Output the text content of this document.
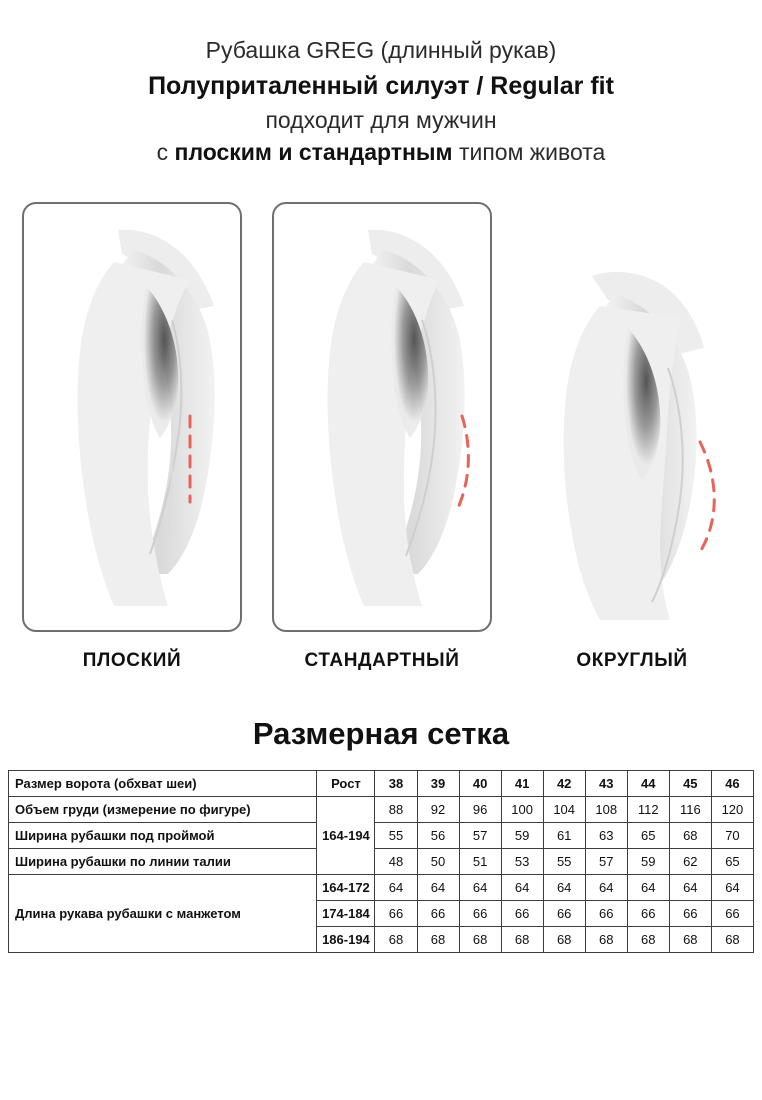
Рубашка GREG (длинный рукав)
Полуприталенный силуэт / Regular fit
подходит для мужчин
с плоским и стандартным типом живота
ПЛОСКИЙ	СТАНДАРТНЫЙ	ОКРУГЛЫЙ
Размерная сетка
Размер ворота (обхват шеи)	Рост	38	39	40	41	42	43	44	45	46
Объем груди (измерение по фигуре)	164-194	88	92	96	100	104	108	112	116	120
Ширина рубашки под проймой		55	56	57	59	61	63	65	68	70
Ширина рубашки по линии талии		48	50	51	53	55	57	59	62	65
Длина рукава рубашки с манжетом	164-172	64	64	64	64	64	64	64	64	64
	174-184	66	66	66	66	66	66	66	66	66
	186-194	68	68	68	68	68	68	68	68	68
